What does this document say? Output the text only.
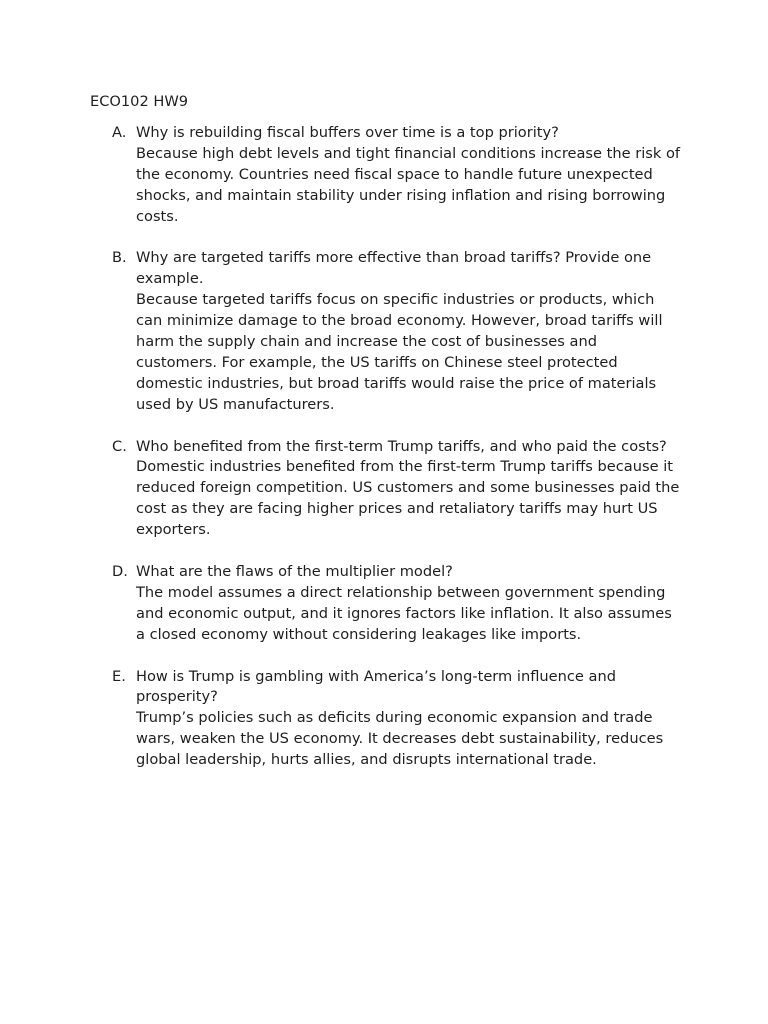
ECO102 HW9
A. Why is rebuilding fiscal buffers over time is a top priority?
Because high debt levels and tight financial conditions increase the risk of the economy. Countries need fiscal space to handle future unexpected shocks, and maintain stability under rising inflation and rising borrowing costs.
B. Why are targeted tariffs more effective than broad tariffs? Provide one example.
Because targeted tariffs focus on specific industries or products, which can minimize damage to the broad economy. However, broad tariffs will harm the supply chain and increase the cost of businesses and customers. For example, the US tariffs on Chinese steel protected domestic industries, but broad tariffs would raise the price of materials used by US manufacturers.
C. Who benefited from the first-term Trump tariffs, and who paid the costs?
Domestic industries benefited from the first-term Trump tariffs because it reduced foreign competition. US customers and some businesses paid the cost as they are facing higher prices and retaliatory tariffs may hurt US exporters.
D. What are the flaws of the multiplier model?
The model assumes a direct relationship between government spending and economic output, and it ignores factors like inflation. It also assumes a closed economy without considering leakages like imports.
E. How is Trump is gambling with America’s long-term influence and prosperity?
Trump’s policies such as deficits during economic expansion and trade wars, weaken the US economy. It decreases debt sustainability, reduces global leadership, hurts allies, and disrupts international trade.
